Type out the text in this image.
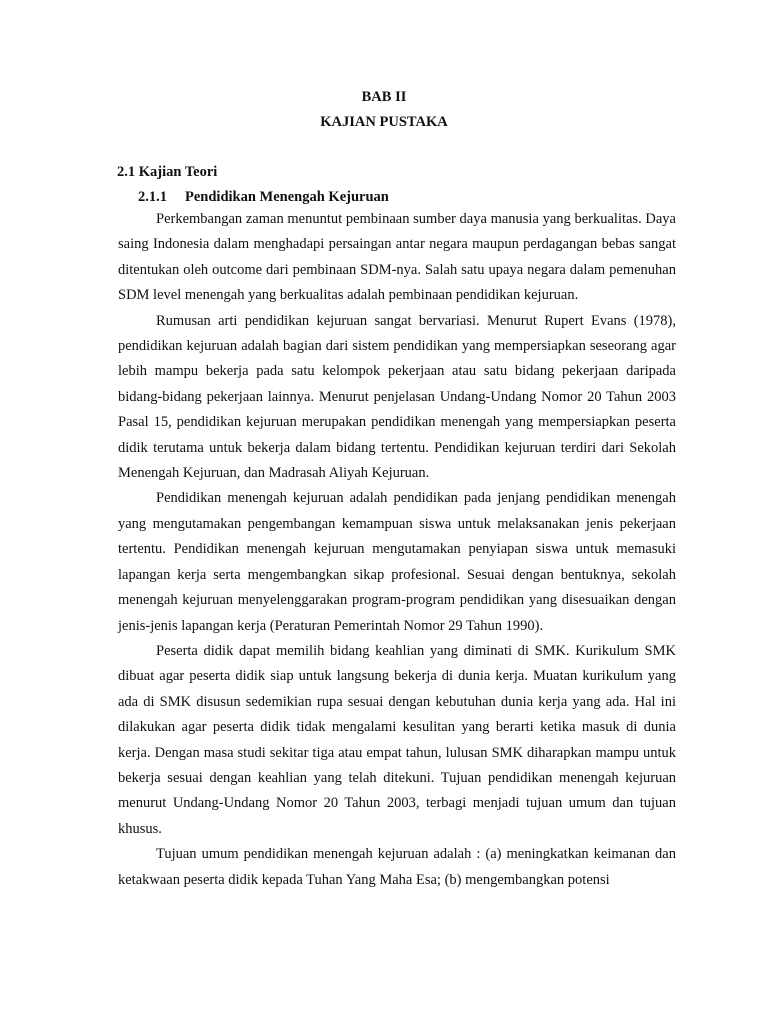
BAB II
KAJIAN PUSTAKA
2.1 Kajian Teori
2.1.1 Pendidikan Menengah Kejuruan

Perkembangan zaman menuntut pembinaan sumber daya manusia yang berkualitas. Daya saing Indonesia dalam menghadapi persaingan antar negara maupun perdagangan bebas sangat ditentukan oleh outcome dari pembinaan SDM-nya. Salah satu upaya negara dalam pemenuhan SDM level menengah yang berkualitas adalah pembinaan pendidikan kejuruan.

Rumusan arti pendidikan kejuruan sangat bervariasi. Menurut Rupert Evans (1978), pendidikan kejuruan adalah bagian dari sistem pendidikan yang mempersiapkan seseorang agar lebih mampu bekerja pada satu kelompok pekerjaan atau satu bidang pekerjaan daripada bidang-bidang pekerjaan lainnya. Menurut penjelasan Undang-Undang Nomor 20 Tahun 2003 Pasal 15, pendidikan kejuruan merupakan pendidikan menengah yang mempersiapkan peserta didik terutama untuk bekerja dalam bidang tertentu. Pendidikan kejuruan terdiri dari Sekolah Menengah Kejuruan, dan Madrasah Aliyah Kejuruan.

Pendidikan menengah kejuruan adalah pendidikan pada jenjang pendidikan menengah yang mengutamakan pengembangan kemampuan siswa untuk melaksanakan jenis pekerjaan tertentu. Pendidikan menengah kejuruan mengutamakan penyiapan siswa untuk memasuki lapangan kerja serta mengembangkan sikap profesional. Sesuai dengan bentuknya, sekolah menengah kejuruan menyelenggarakan program-program pendidikan yang disesuaikan dengan jenis-jenis lapangan kerja (Peraturan Pemerintah Nomor 29 Tahun 1990).

Peserta didik dapat memilih bidang keahlian yang diminati di SMK. Kurikulum SMK dibuat agar peserta didik siap untuk langsung bekerja di dunia kerja. Muatan kurikulum yang ada di SMK disusun sedemikian rupa sesuai dengan kebutuhan dunia kerja yang ada. Hal ini dilakukan agar peserta didik tidak mengalami kesulitan yang berarti ketika masuk di dunia kerja. Dengan masa studi sekitar tiga atau empat tahun, lulusan SMK diharapkan mampu untuk bekerja sesuai dengan keahlian yang telah ditekuni. Tujuan pendidikan menengah kejuruan menurut Undang-Undang Nomor 20 Tahun 2003, terbagi menjadi tujuan umum dan tujuan khusus.

Tujuan umum pendidikan menengah kejuruan adalah : (a) meningkatkan keimanan dan ketakwaan peserta didik kepada Tuhan Yang Maha Esa; (b) mengembangkan potensi
